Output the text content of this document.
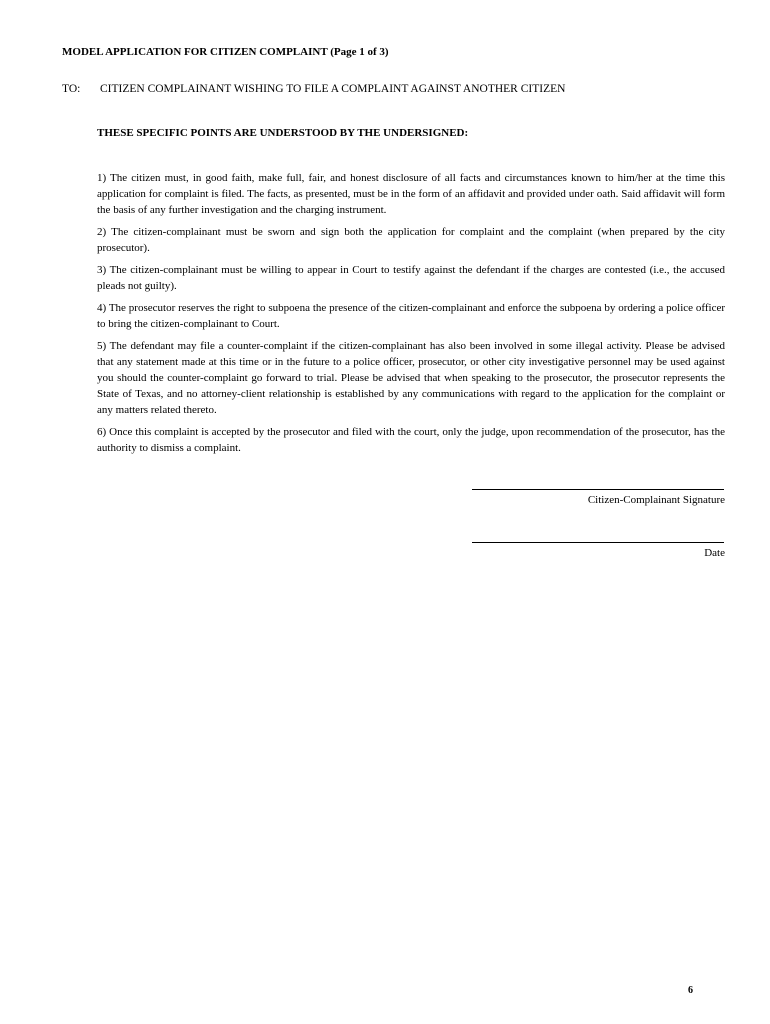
MODEL APPLICATION FOR CITIZEN COMPLAINT (Page 1 of 3)
TO: CITIZEN COMPLAINANT WISHING TO FILE A COMPLAINT AGAINST ANOTHER CITIZEN
THESE SPECIFIC POINTS ARE UNDERSTOOD BY THE UNDERSIGNED:

1) The citizen must, in good faith, make full, fair, and honest disclosure of all facts and circumstances known to him/her at the time this application for complaint is filed. The facts, as presented, must be in the form of an affidavit and provided under oath. Said affidavit will form the basis of any further investigation and the charging instrument.

2) The citizen-complainant must be sworn and sign both the application for complaint and the complaint (when prepared by the city prosecutor).

3) The citizen-complainant must be willing to appear in Court to testify against the defendant if the charges are contested (i.e., the accused pleads not guilty).

4) The prosecutor reserves the right to subpoena the presence of the citizen-complainant and enforce the subpoena by ordering a police officer to bring the citizen-complainant to Court.

5) The defendant may file a counter-complaint if the citizen-complainant has also been involved in some illegal activity. Please be advised that any statement made at this time or in the future to a police officer, prosecutor, or other city investigative personnel may be used against you should the counter-complaint go forward to trial. Please be advised that when speaking to the prosecutor, the prosecutor represents the State of Texas, and no attorney-client relationship is established by any communications with regard to the application for the complaint or any matters related thereto.

6) Once this complaint is accepted by the prosecutor and filed with the court, only the judge, upon recommendation of the prosecutor, has the authority to dismiss a complaint.

Citizen-Complainant Signature
Date
6
